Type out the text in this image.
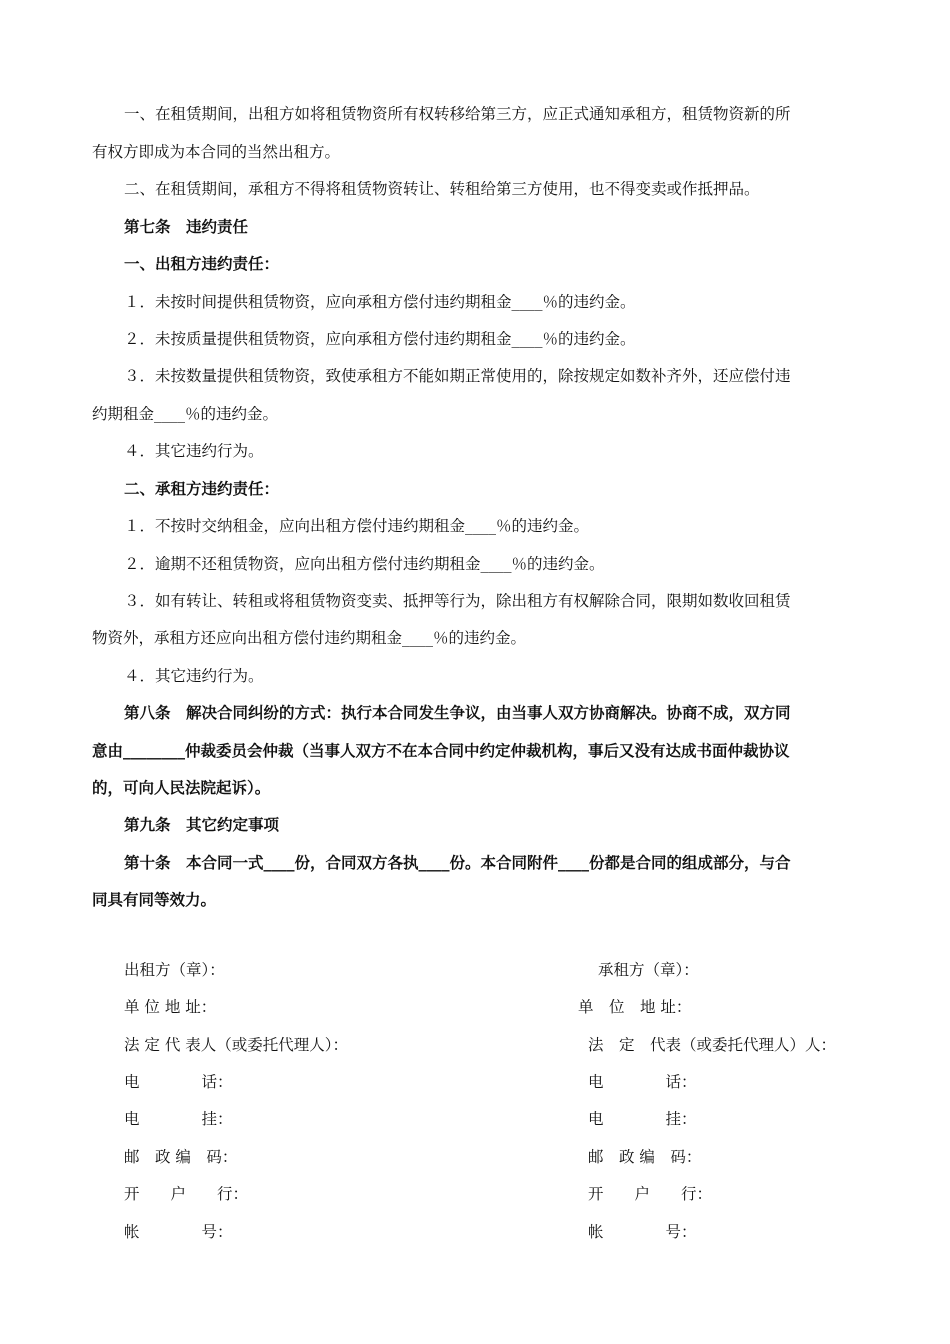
一、在租赁期间，出租方如将租赁物资所有权转移给第三方，应正式通知承租方，租赁物资新的所
有权方即成为本合同的当然出租方。
二、在租赁期间，承租方不得将租赁物资转让、转租给第三方使用，也不得变卖或作抵押品。
第七条　违约责任
一、出租方违约责任：
１．未按时间提供租赁物资，应向承租方偿付违约期租金____％的违约金。
２．未按质量提供租赁物资，应向承租方偿付违约期租金____％的违约金。
３．未按数量提供租赁物资，致使承租方不能如期正常使用的，除按规定如数补齐外，还应偿付违
约期租金____％的违约金。
４．其它违约行为。
二、承租方违约责任：
１．不按时交纳租金，应向出租方偿付违约期租金____％的违约金。
２．逾期不还租赁物资，应向出租方偿付违约期租金____％的违约金。
３．如有转让、转租或将租赁物资变卖、抵押等行为，除出租方有权解除合同，限期如数收回租赁
物资外，承租方还应向出租方偿付违约期租金____％的违约金。
４．其它违约行为。
第八条　解决合同纠纷的方式：执行本合同发生争议，由当事人双方协商解决。协商不成，双方同
意由________仲裁委员会仲裁（当事人双方不在本合同中约定仲裁机构，事后又没有达成书面仲裁协议
的，可向人民法院起诉）。
第九条　其它约定事项
第十条　本合同一式____份，合同双方各执____份。本合同附件____份都是合同的组成部分，与合
同具有同等效力。
出租方（章）：
单 位 地 址：
法 定 代 表人（或委托代理人）：
电　　　　话：
电　　　　挂：
邮　政 编　码：
开　　户　　行：
帐　　　　号：
承租方（章）：
单　位　地 址：
法　定　代表（或委托代理人）人：
电　　　　话：
电　　　　挂：
邮　政 编　码：
开　　户　　行：
帐　　　　号：
